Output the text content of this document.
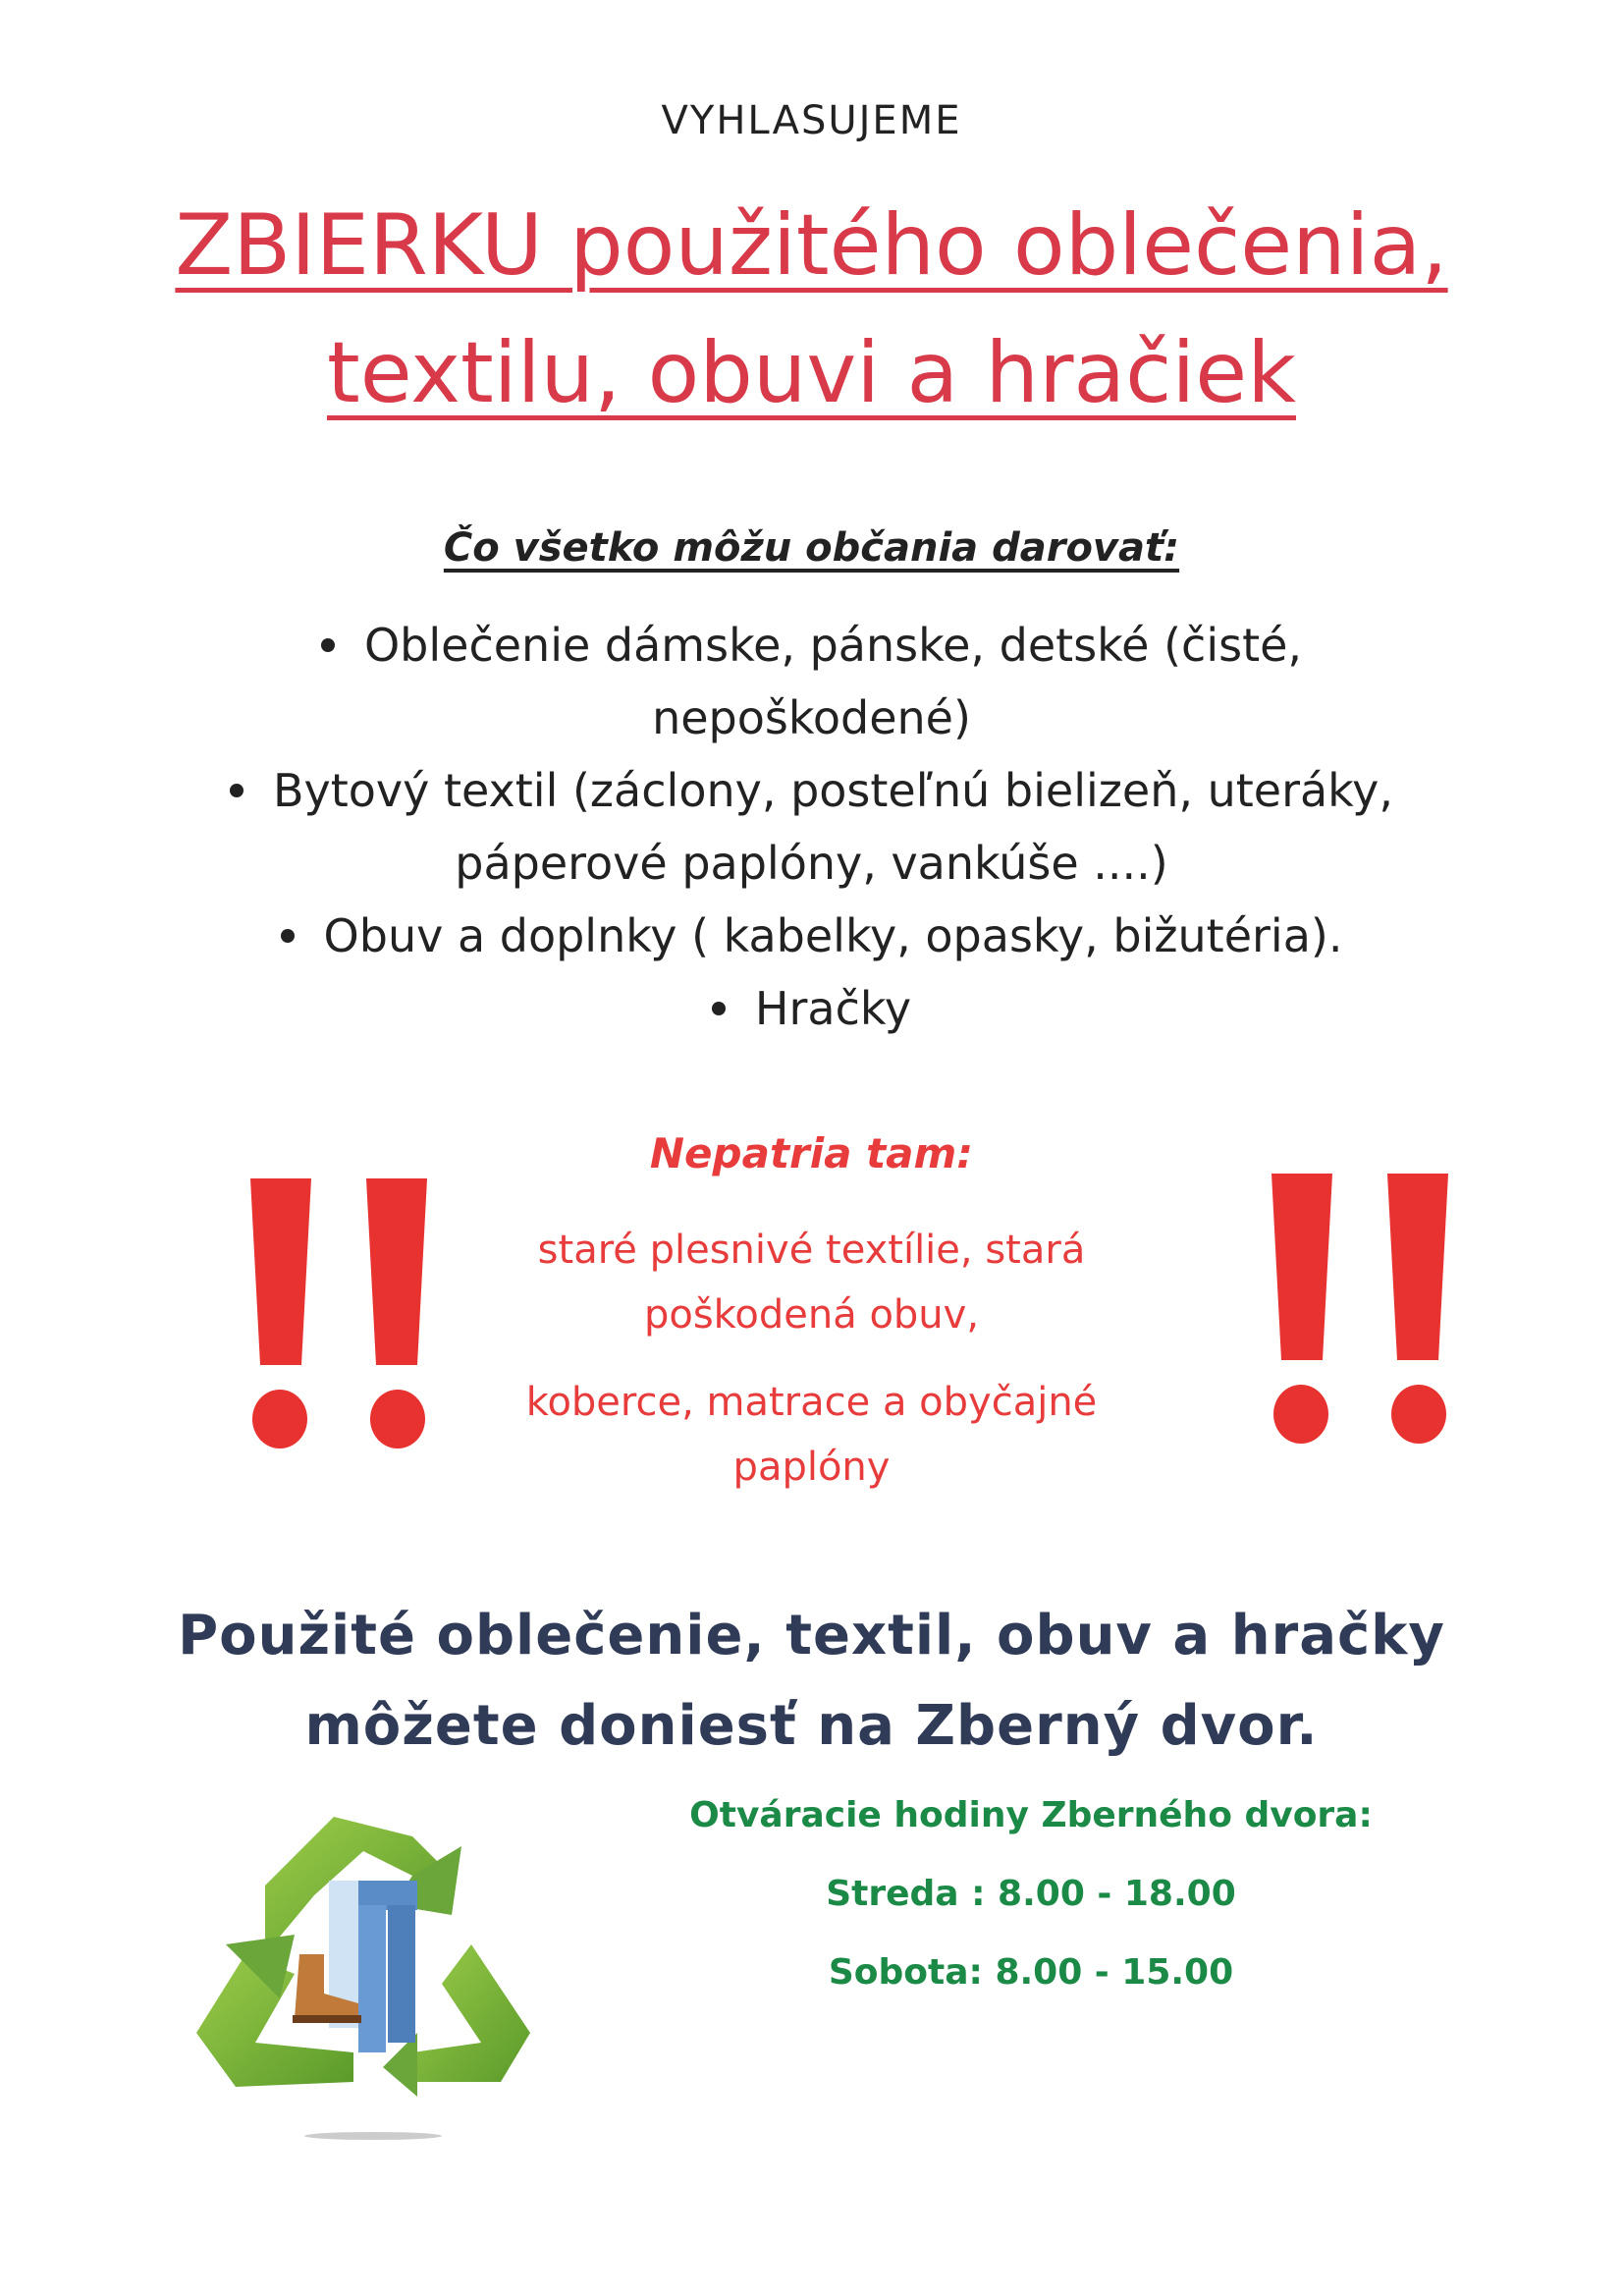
VYHLASUJEME
ZBIERKU použitého oblečenia,
textilu, obuvi a hračiek
Čo všetko môžu občania darovať:
Oblečenie dámske, pánske, detské (čisté,
nepoškodené)
Bytový textil (záclony, posteľnú bielizeň, uteráky,
páperové paplóny, vankúše ....)
Obuv a doplnky ( kabelky, opasky, bižutéria).
Hračky
Nepatria tam:
staré plesnivé textílie, stará
poškodená obuv,
koberce, matrace a obyčajné
paplóny
Použité oblečenie, textil, obuv a hračky
môžete doniesť na Zberný dvor.
Otváracie hodiny Zberného dvora:
Streda : 8.00 - 18.00
Sobota: 8.00 - 15.00
